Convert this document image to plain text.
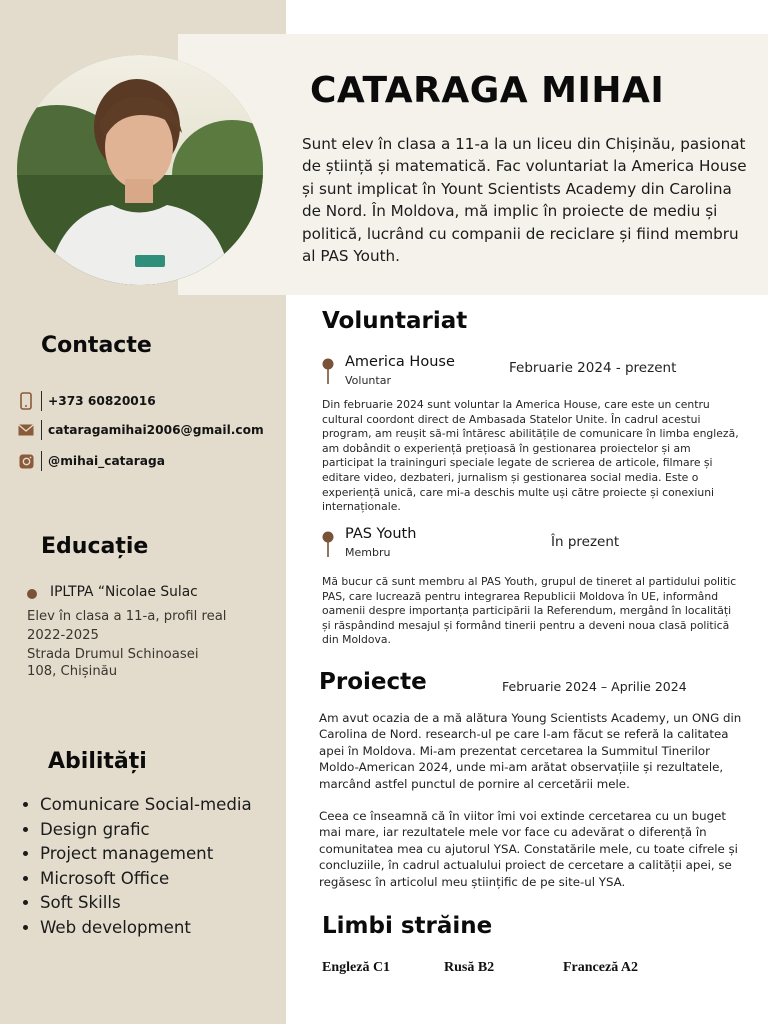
CATARAGA MIHAI

Sunt elev în clasa a 11-a la un liceu din Chișinău, pasionat de știință și matematică. Fac voluntariat la America House și sunt implicat în Yount Scientists Academy din Carolina de Nord. În Moldova, mă implic în proiecte de mediu și politică, lucrând cu companii de reciclare și fiind membru al PAS Youth.

Contacte
+373 60820016
cataragamihai2006@gmail.com
@mihai_cataraga
Educație

IPLTPA “Nicolae Sulac

Elev în clasa a 11-a, profil real

2022-2025

Strada Drumul Schinoasei

108, Chișinău

Abilități
• Comunicare Social-media
• Design grafic
• Project management
• Microsoft Office
• Soft Skills
• Web development
Voluntariat

America House

Voluntar

Februarie 2024 - prezent

Din februarie 2024 sunt voluntar la America House, care este un centru cultural coordont direct de Ambasada Statelor Unite. În cadrul acestui program, am reușit să-mi întăresc abilitățile de comunicare în limba engleză, am dobândit o experiență prețioasă în gestionarea proiectelor și am participat la traininguri speciale legate de scrierea de articole, filmare și editare video, dezbateri, jurnalism și gestionarea social media. Este o experiență unică, care mi-a deschis multe uși către proiecte și conexiuni internaționale.

PAS Youth

Membru

În prezent

Mă bucur că sunt membru al PAS Youth, grupul de tineret al partidului politic PAS, care lucrează pentru integrarea Republicii Moldova în UE, informând oamenii despre importanța participării la Referendum, mergând în localități și răspândind mesajul și formând tinerii pentru a deveni noua clasă politică din Moldova.

Proiecte	Februarie 2024 – Aprilie 2024

Am avut ocazia de a mă alătura Young Scientists Academy, un ONG din Carolina de Nord. research-ul pe care l-am făcut se referă la calitatea apei în Moldova. Mi-am prezentat cercetarea la Summitul Tinerilor Moldo-American 2024, unde mi-am arătat observațiile și rezultatele, marcând astfel punctul de pornire al cercetării mele.

Ceea ce înseamnă că în viitor îmi voi extinde cercetarea cu un buget mai mare, iar rezultatele mele vor face cu adevărat o diferență în comunitatea mea cu ajutorul YSA. Constatările mele, cu toate cifrele și concluziile, în cadrul actualului proiect de cercetare a calității apei, se regăsesc în articolul meu științific de pe site-ul YSA.

Limbi străine

Engleză C1	Rusă B2	Franceză A2
